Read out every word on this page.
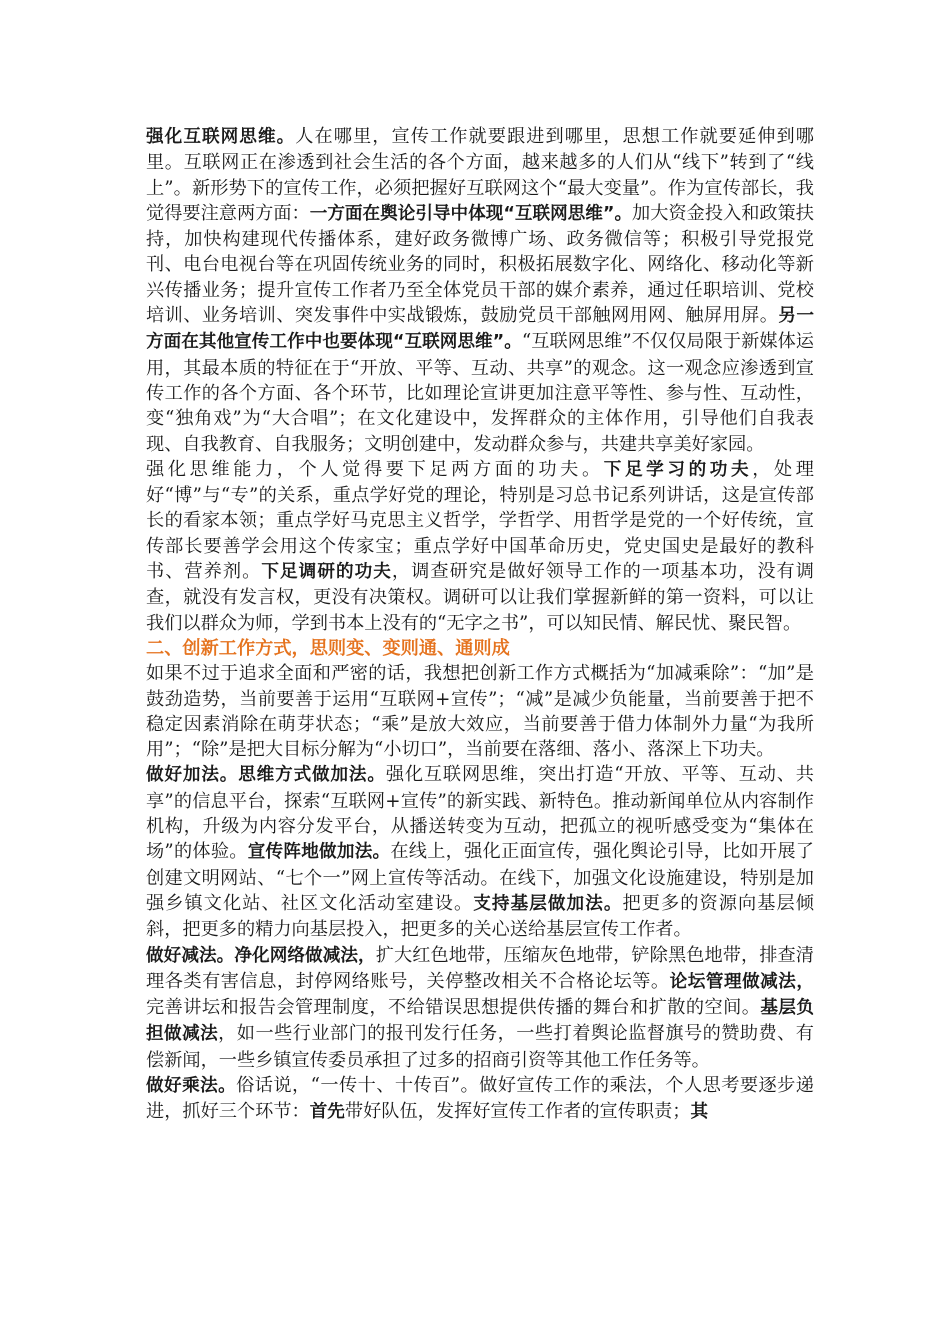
强化互联网思维。人在哪里，宣传工作就要跟进到哪里，思想工作就要延伸到哪里。互联网正在渗透到社会生活的各个方面，越来越多的人们从“线下”转到了“线上”。新形势下的宣传工作，必须把握好互联网这个“最大变量”。作为宣传部长，我觉得要注意两方面：一方面在舆论引导中体现“互联网思维”。加大资金投入和政策扶持，加快构建现代传播体系，建好政务微博广场、政务微信等；积极引导党报党刊、电台电视台等在巩固传统业务的同时，积极拓展数字化、网络化、移动化等新兴传播业务；提升宣传工作者乃至全体党员干部的媒介素养，通过任职培训、党校培训、业务培训、突发事件中实战锻炼，鼓励党员干部触网用网、触屏用屏。另一方面在其他宣传工作中也要体现“互联网思维”。“互联网思维”不仅仅局限于新媒体运用，其最本质的特征在于“开放、平等、互动、共享”的观念。这一观念应渗透到宣传工作的各个方面、各个环节，比如理论宣讲更加注意平等性、参与性、互动性，变“独角戏”为“大合唱”；在文化建设中，发挥群众的主体作用，引导他们自我表现、自我教育、自我服务；文明创建中，发动群众参与，共建共享美好家园。

强化思维能力，个人觉得要下足两方面的功夫。下足学习的功夫，处理好“博”与“专”的关系，重点学好党的理论，特别是习总书记系列讲话，这是宣传部长的看家本领；重点学好马克思主义哲学，学哲学、用哲学是党的一个好传统，宣传部长要善学会用这个传家宝；重点学好中国革命历史，党史国史是最好的教科书、营养剂。下足调研的功夫，调查研究是做好领导工作的一项基本功，没有调查，就没有发言权，更没有决策权。调研可以让我们掌握新鲜的第一资料，可以让我们以群众为师，学到书本上没有的“无字之书”，可以知民情、解民忧、聚民智。

二、创新工作方式，思则变、变则通、通则成

如果不过于追求全面和严密的话，我想把创新工作方式概括为“加减乘除”：“加”是鼓劲造势，当前要善于运用“互联网+宣传”；“减”是减少负能量，当前要善于把不稳定因素消除在萌芽状态；“乘”是放大效应，当前要善于借力体制外力量“为我所用”；“除”是把大目标分解为“小切口”，当前要在落细、落小、落深上下功夫。

做好加法。思维方式做加法。强化互联网思维，突出打造“开放、平等、互动、共享”的信息平台，探索“互联网+宣传”的新实践、新特色。推动新闻单位从内容制作机构，升级为内容分发平台，从播送转变为互动，把孤立的视听感受变为“集体在场”的体验。宣传阵地做加法。在线上，强化正面宣传，强化舆论引导，比如开展了创建文明网站、“七个一”网上宣传等活动。在线下，加强文化设施建设，特别是加强乡镇文化站、社区文化活动室建设。支持基层做加法。把更多的资源向基层倾斜，把更多的精力向基层投入，把更多的关心送给基层宣传工作者。

做好减法。净化网络做减法，扩大红色地带，压缩灰色地带，铲除黑色地带，排查清理各类有害信息，封停网络账号，关停整改相关不合格论坛等。论坛管理做减法，完善讲坛和报告会管理制度，不给错误思想提供传播的舞台和扩散的空间。基层负担做减法，如一些行业部门的报刊发行任务，一些打着舆论监督旗号的赞助费、有偿新闻，一些乡镇宣传委员承担了过多的招商引资等其他工作任务等。

做好乘法。俗话说，“一传十、十传百”。做好宣传工作的乘法，个人思考要逐步递进，抓好三个环节：首先带好队伍，发挥好宣传工作者的宣传职责；其
